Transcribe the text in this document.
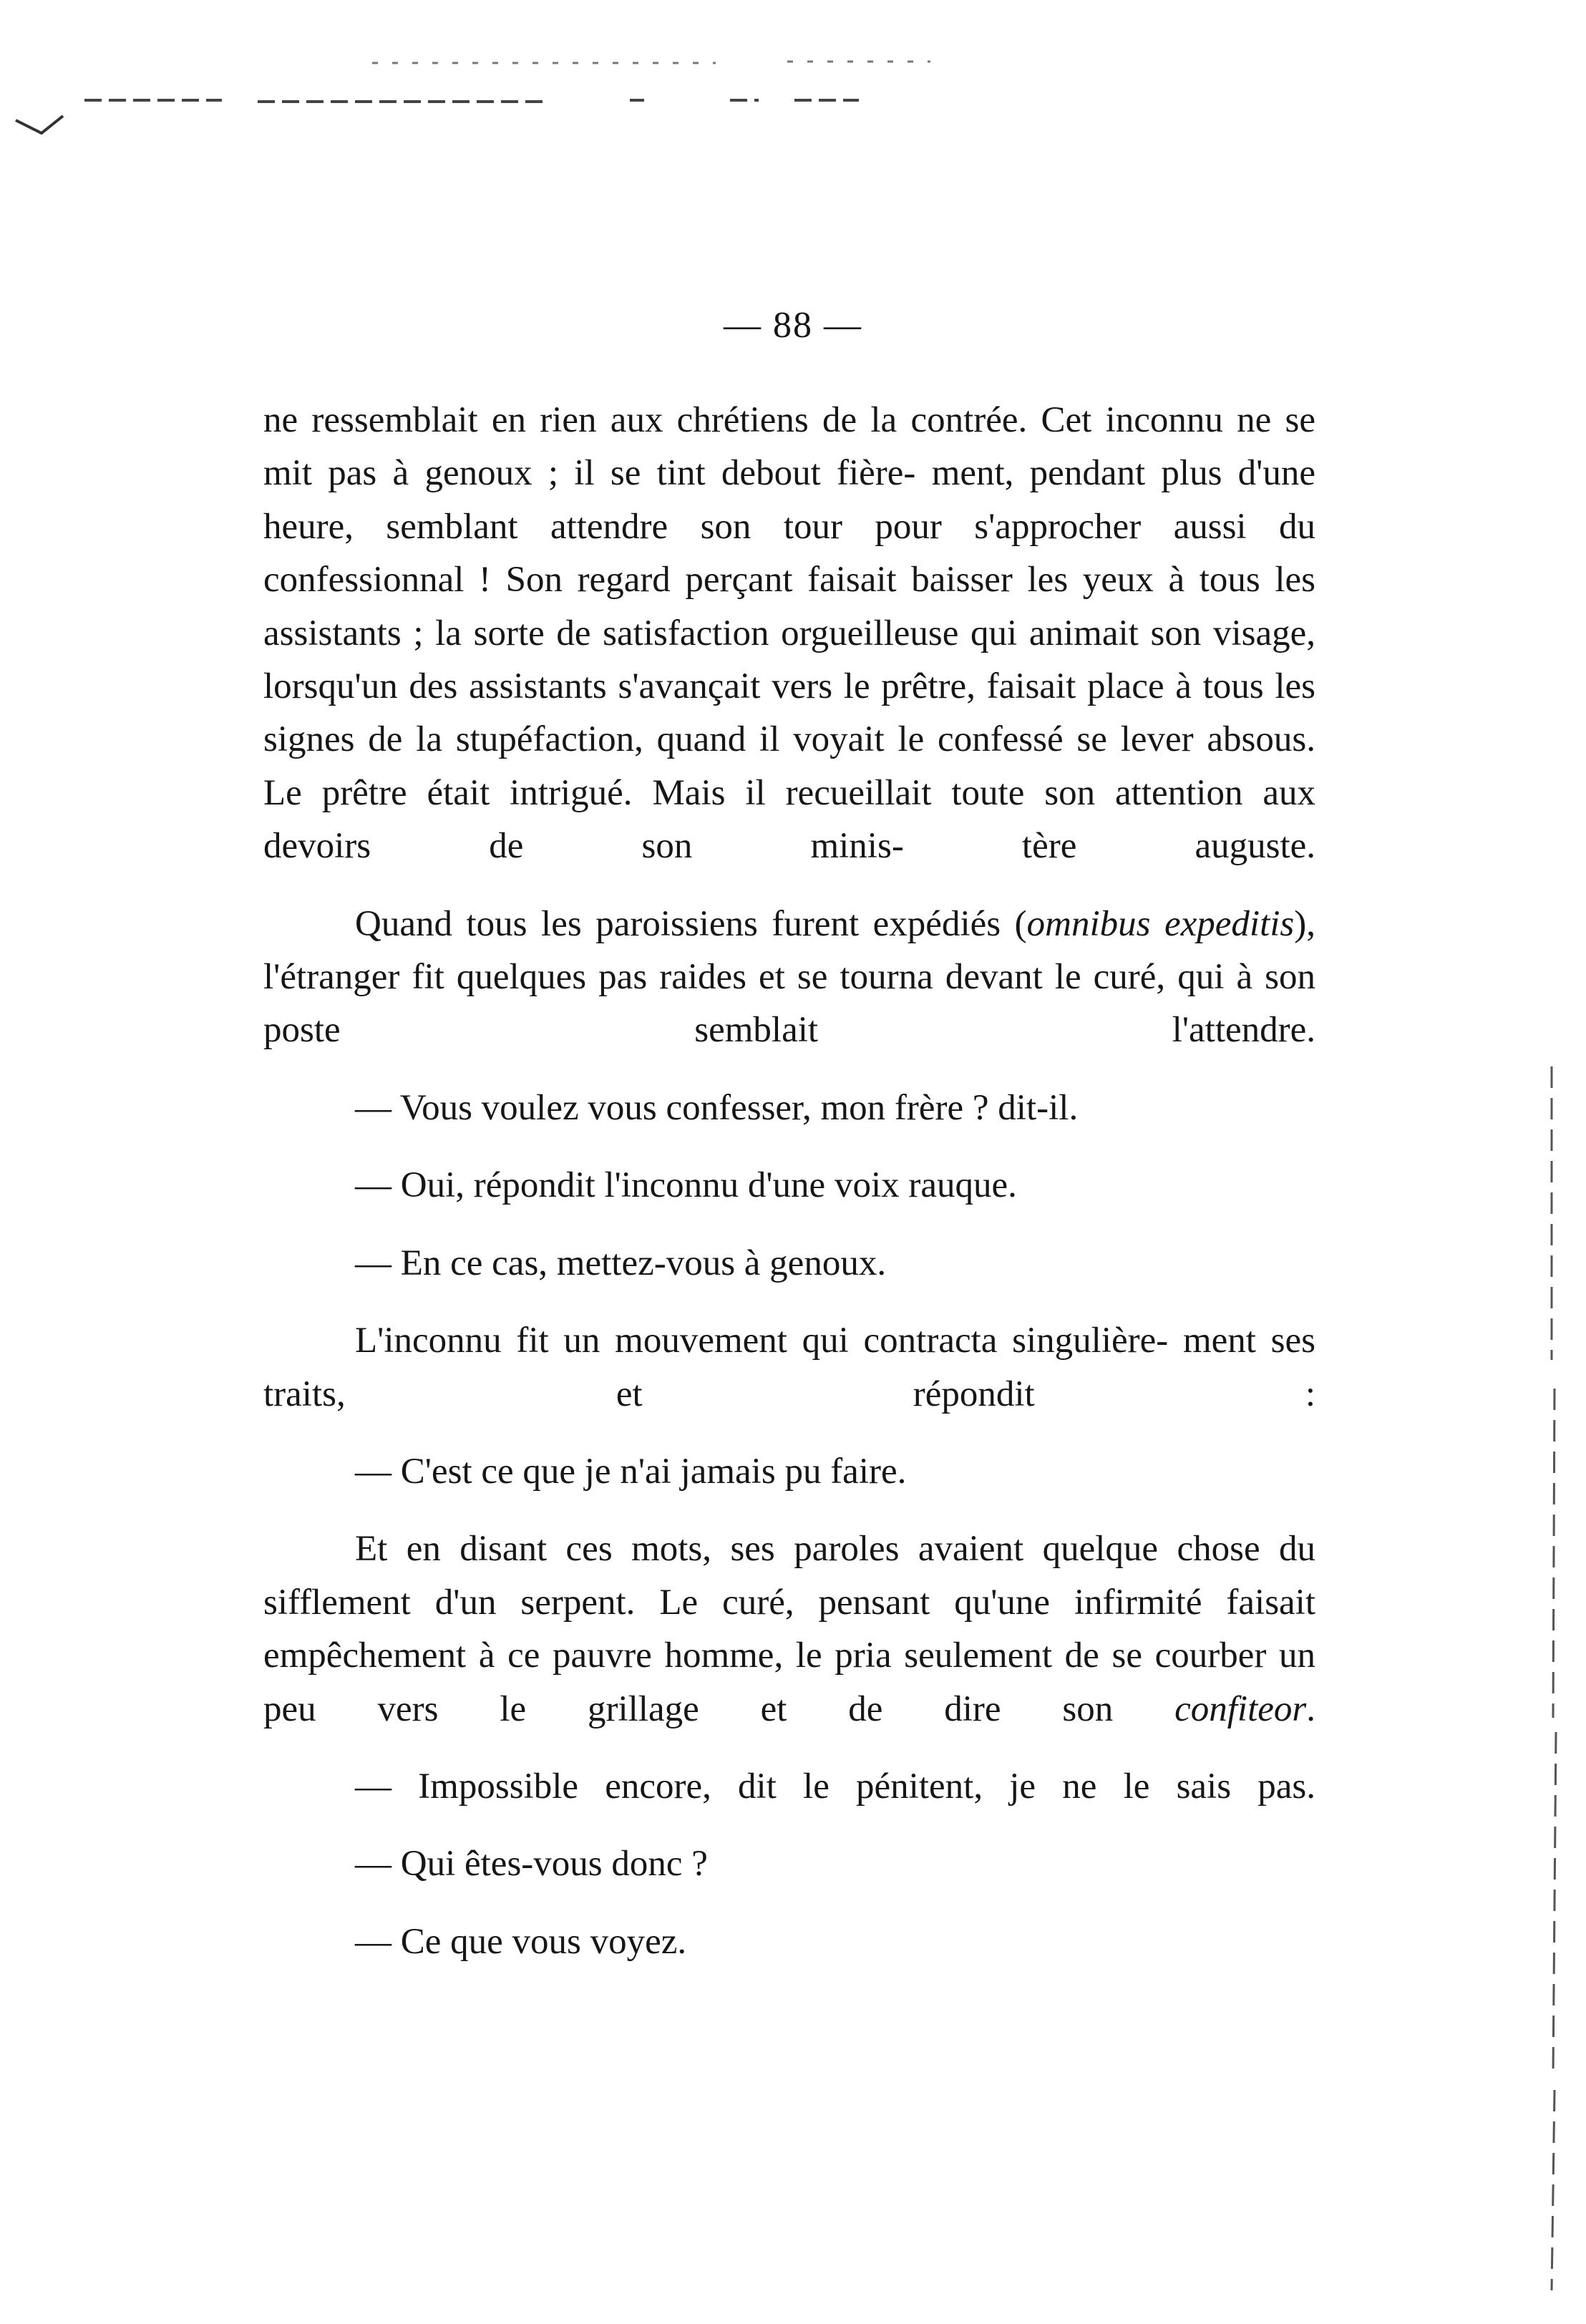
— 88 —

ne ressemblait en rien aux chrétiens de la contrée. Cet inconnu ne se mit pas à genoux ; il se tint debout fière- ment, pendant plus d'une heure, semblant attendre son tour pour s'approcher aussi du confessionnal ! Son regard perçant faisait baisser les yeux à tous les assistants ; la sorte de satisfaction orgueilleuse qui animait son visage, lorsqu'un des assistants s'avançait vers le prêtre, faisait place à tous les signes de la stupéfaction, quand il voyait le confessé se lever absous. Le prêtre était intrigué. Mais il recueillait toute son attention aux devoirs de son minis-	tère auguste.

Quand tous les paroissiens furent expédiés (omnibus expeditis), l'étranger fit quelques pas raides et se tourna devant le curé, qui à son poste semblait l'attendre.

— Vous voulez vous confesser, mon frère ? dit-il.

— Oui, répondit l'inconnu d'une voix rauque.

— En ce cas, mettez-vous à genoux.

L'inconnu fit un mouvement qui contracta singulière- ment ses traits, et répondit :

— C'est ce que je n'ai jamais pu faire.

Et en disant ces mots, ses paroles avaient quelque chose du sifflement d'un serpent. Le curé, pensant qu'une infirmité faisait empêchement à ce pauvre homme, le pria seulement de se courber un peu vers le grillage et de dire son confiteor.

— Impossible encore, dit le pénitent, je ne le sais pas.

— Qui êtes-vous donc ?

— Ce que vous voyez.
